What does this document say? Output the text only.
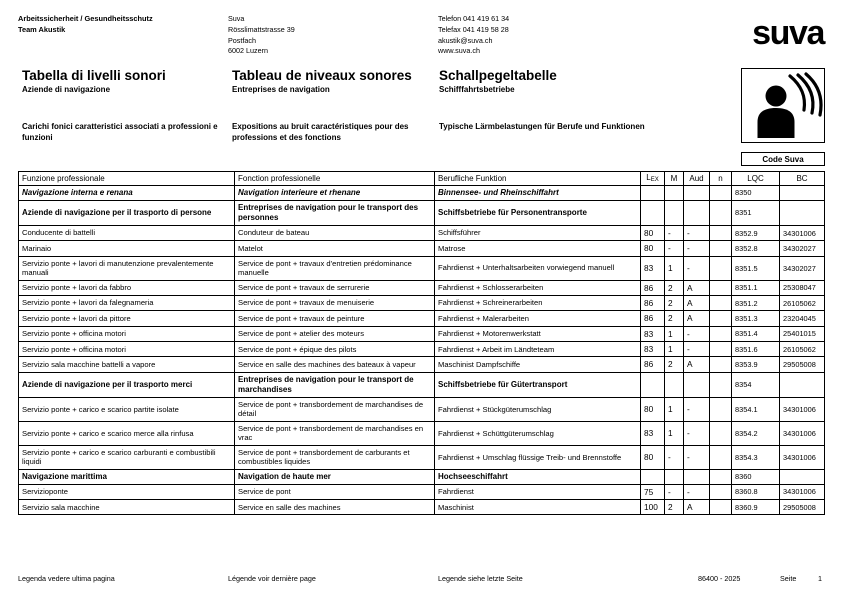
Arbeitssicherheit / Gesundheitsschutz
Team Akustik
Suva
Rösslimattstrasse 39
Postfach
6002 Luzern
Telefon 041 419 61 34
Telefax 041 419 58 28
akustik@suva.ch
www.suva.ch	suva
Tabella di livelli sonori
Aziende di navigazione
Tableau de niveaux sonores
Entreprises de navigation
Schallpegeltabelle
Schifffahrtsbetriebe
Carichi fonici caratteristici associati a professioni e funzioni
Expositions au bruit caractéristiques pour des professions et des fonctions
Typische Lärmbelastungen für Berufe und Funktionen
Code Suva
Funzione professionale	Fonction professionelle	Berufliche Funktion	LEX	M	Aud	n	LQC	BC
Navigazione interna e renana	Navigation interieure et rhenane	Binnensee- und Rheinschiffahrt					8350	
Aziende di navigazione per il trasporto di persone	Entreprises de navigation pour le transport des personnes	Schiffsbetriebe für Personentransporte					8351	
Conducente di battelli	Conduteur de bateau	Schiffsführer	80	-	-		8352.9	34301006
Marinaio	Matelot	Matrose	80	-	-		8352.8	34302027
Servizio ponte + lavori di manutenzione prevalentemente manuali	Service de pont + travaux d'entretien prédominance manuelle	Fahrdienst + Unterhaltsarbeiten vorwiegend manuell	83	1	-		8351.5	34302027
Servizio ponte + lavori da fabbro	Service de pont + travaux de serrurerie	Fahrdienst + Schlosserarbeiten	86	2	A		8351.1	25308047
Servizio ponte + lavori da falegnameria	Service de pont + travaux de menuiserie	Fahrdienst + Schreinerarbeiten	86	2	A		8351.2	26105062
Servizio ponte + lavori da pittore	Service de pont + travaux de peinture	Fahrdienst + Malerarbeiten	86	2	A		8351.3	23204045
Servizio ponte + officina motori	Service de pont + atelier des moteurs	Fahrdienst + Motorenwerkstatt	83	1	-		8351.4	25401015
Servizio ponte + officina motori	Service de pont + épique des pilots	Fahrdienst + Arbeit im Ländteteam	83	1	-		8351.6	26105062
Servizio sala macchine battelli a vapore	Service en salle des machines des bateaux à vapeur	Maschinist Dampfschiffe	86	2	A		8353.9	29505008
Aziende di navigazione per il trasporto merci	Entreprises de navigation pour le transport de marchandises	Schiffsbetriebe für Gütertransport					8354	
Servizio ponte + carico e scarico partite isolate	Service de pont + transbordement de marchandises de détail	Fahrdienst + Stückgüterumschlag	80	1	-		8354.1	34301006
Servizio ponte + carico e scarico merce alla rinfusa	Service de pont + transbordement de marchandises en vrac	Fahrdienst + Schüttgüterumschlag	83	1	-		8354.2	34301006
Servizio ponte + carico e scarico carburanti e combustibili liquidi	Service de pont + transbordement de carburants et combustibles liquides	Fahrdienst + Umschlag flüssige Treib- und Brennstoffe	80	-	-		8354.3	34301006
Navigazione marittima	Navigation de haute mer	Hochseeschiffahrt					8360	
Servizioponte	Service de pont	Fahrdienst	75	-	-		8360.8	34301006
Servizio sala macchine	Service en salle des machines	Maschinist	100	2	A		8360.9	29505008
Legenda vedere ultima pagina	Légende voir dernière page	Legende siehe letzte Seite	86400 - 2025	Seite	1
